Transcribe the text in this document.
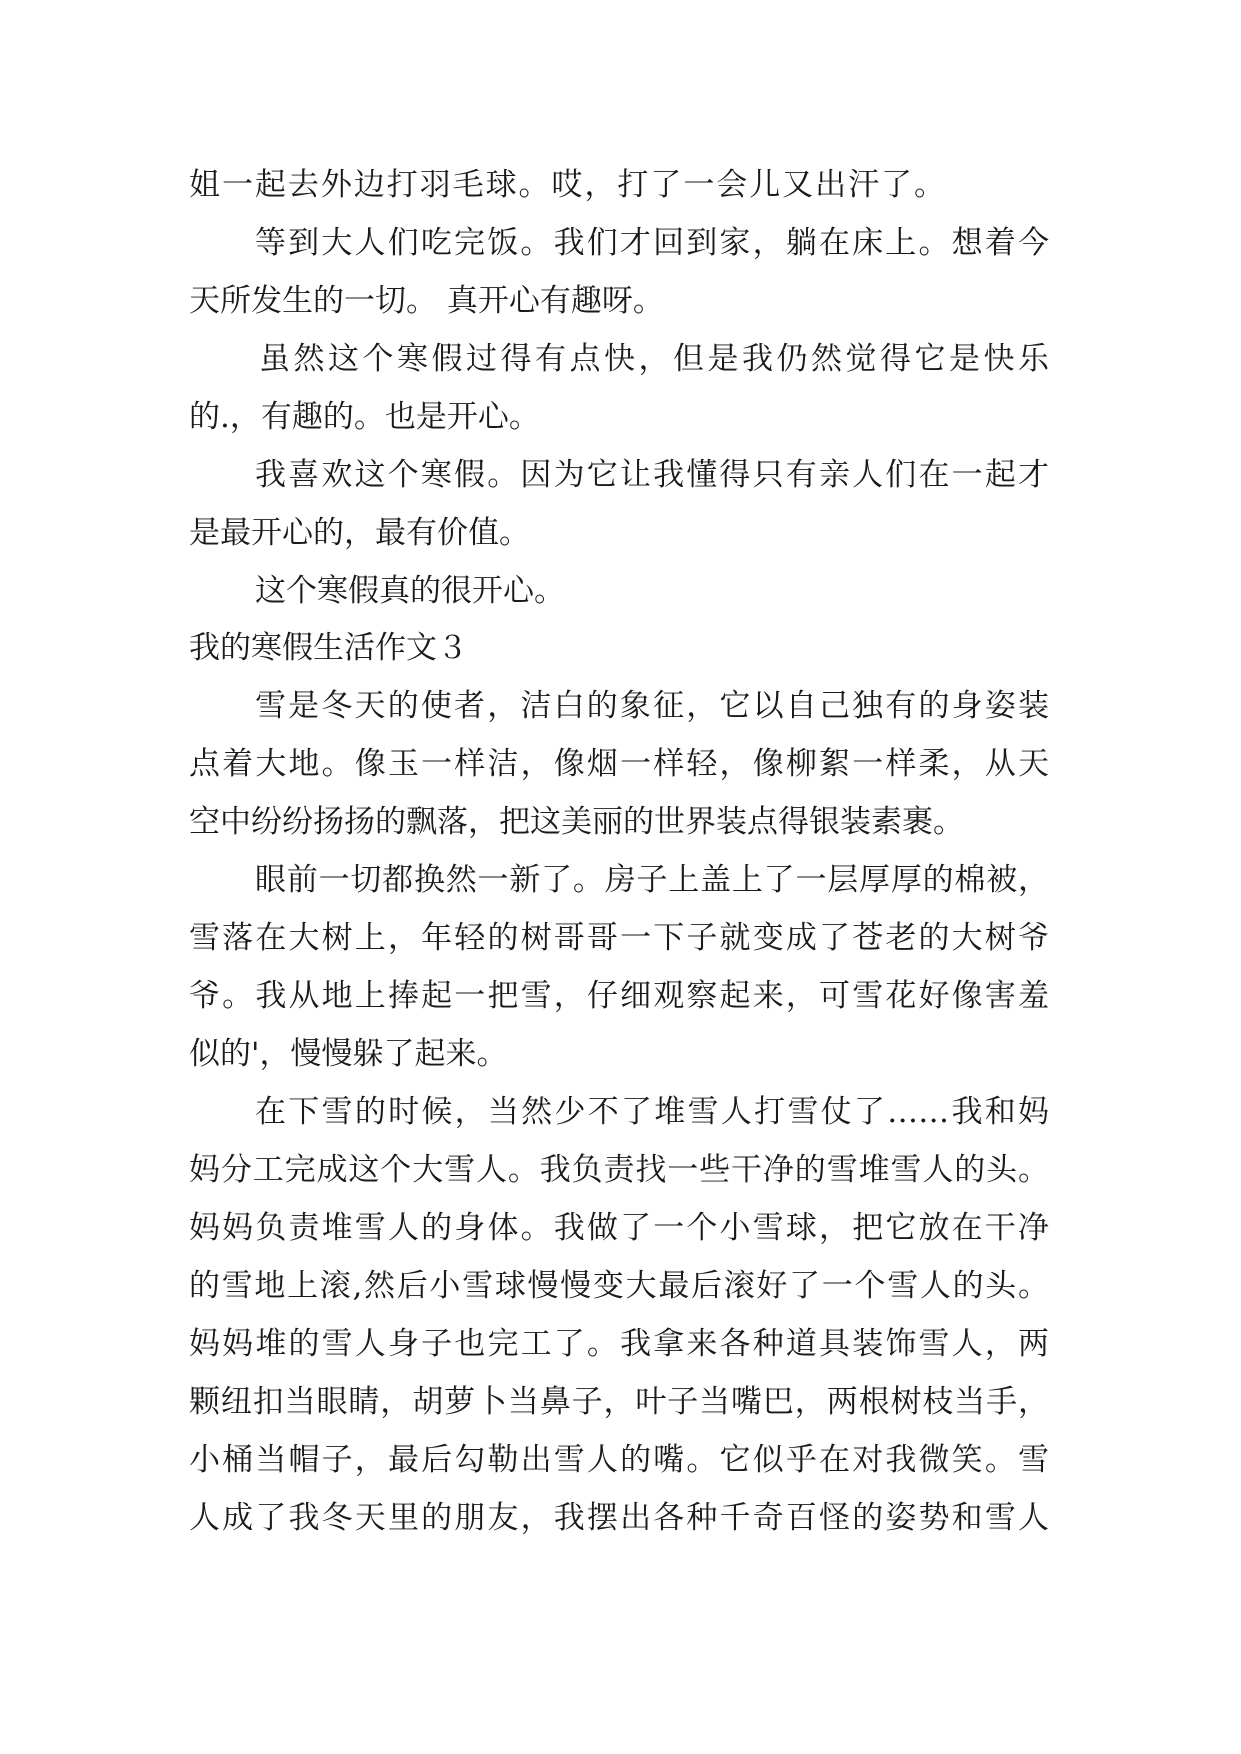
姐一起去外边打羽毛球。哎，打了一会儿又出汗了。
等到大人们吃完饭。我们才回到家，躺在床上。想着今
天所发生的一切。 真开心有趣呀。
虽然这个寒假过得有点快，但是我仍然觉得它是快乐
的.，有趣的。也是开心。
我喜欢这个寒假。因为它让我懂得只有亲人们在一起才
是最开心的，最有价值。
这个寒假真的很开心。
我的寒假生活作文３
雪是冬天的使者，洁白的象征，它以自己独有的身姿装
点着大地。像玉一样洁，像烟一样轻，像柳絮一样柔，从天
空中纷纷扬扬的飘落，把这美丽的世界装点得银装素裹。
眼前一切都换然一新了。房子上盖上了一层厚厚的棉被，
雪落在大树上，年轻的树哥哥一下子就变成了苍老的大树爷
爷。我从地上捧起一把雪，仔细观察起来，可雪花好像害羞
似的'，慢慢躲了起来。
在下雪的时候，当然少不了堆雪人打雪仗了……我和妈
妈分工完成这个大雪人。我负责找一些干净的雪堆雪人的头。
妈妈负责堆雪人的身体。我做了一个小雪球，把它放在干净
的雪地上滚,然后小雪球慢慢变大最后滚好了一个雪人的头。
妈妈堆的雪人身子也完工了。我拿来各种道具装饰雪人，两
颗纽扣当眼睛，胡萝卜当鼻子，叶子当嘴巴，两根树枝当手，
小桶当帽子，最后勾勒出雪人的嘴。它似乎在对我微笑。雪
人成了我冬天里的朋友，我摆出各种千奇百怪的姿势和雪人
